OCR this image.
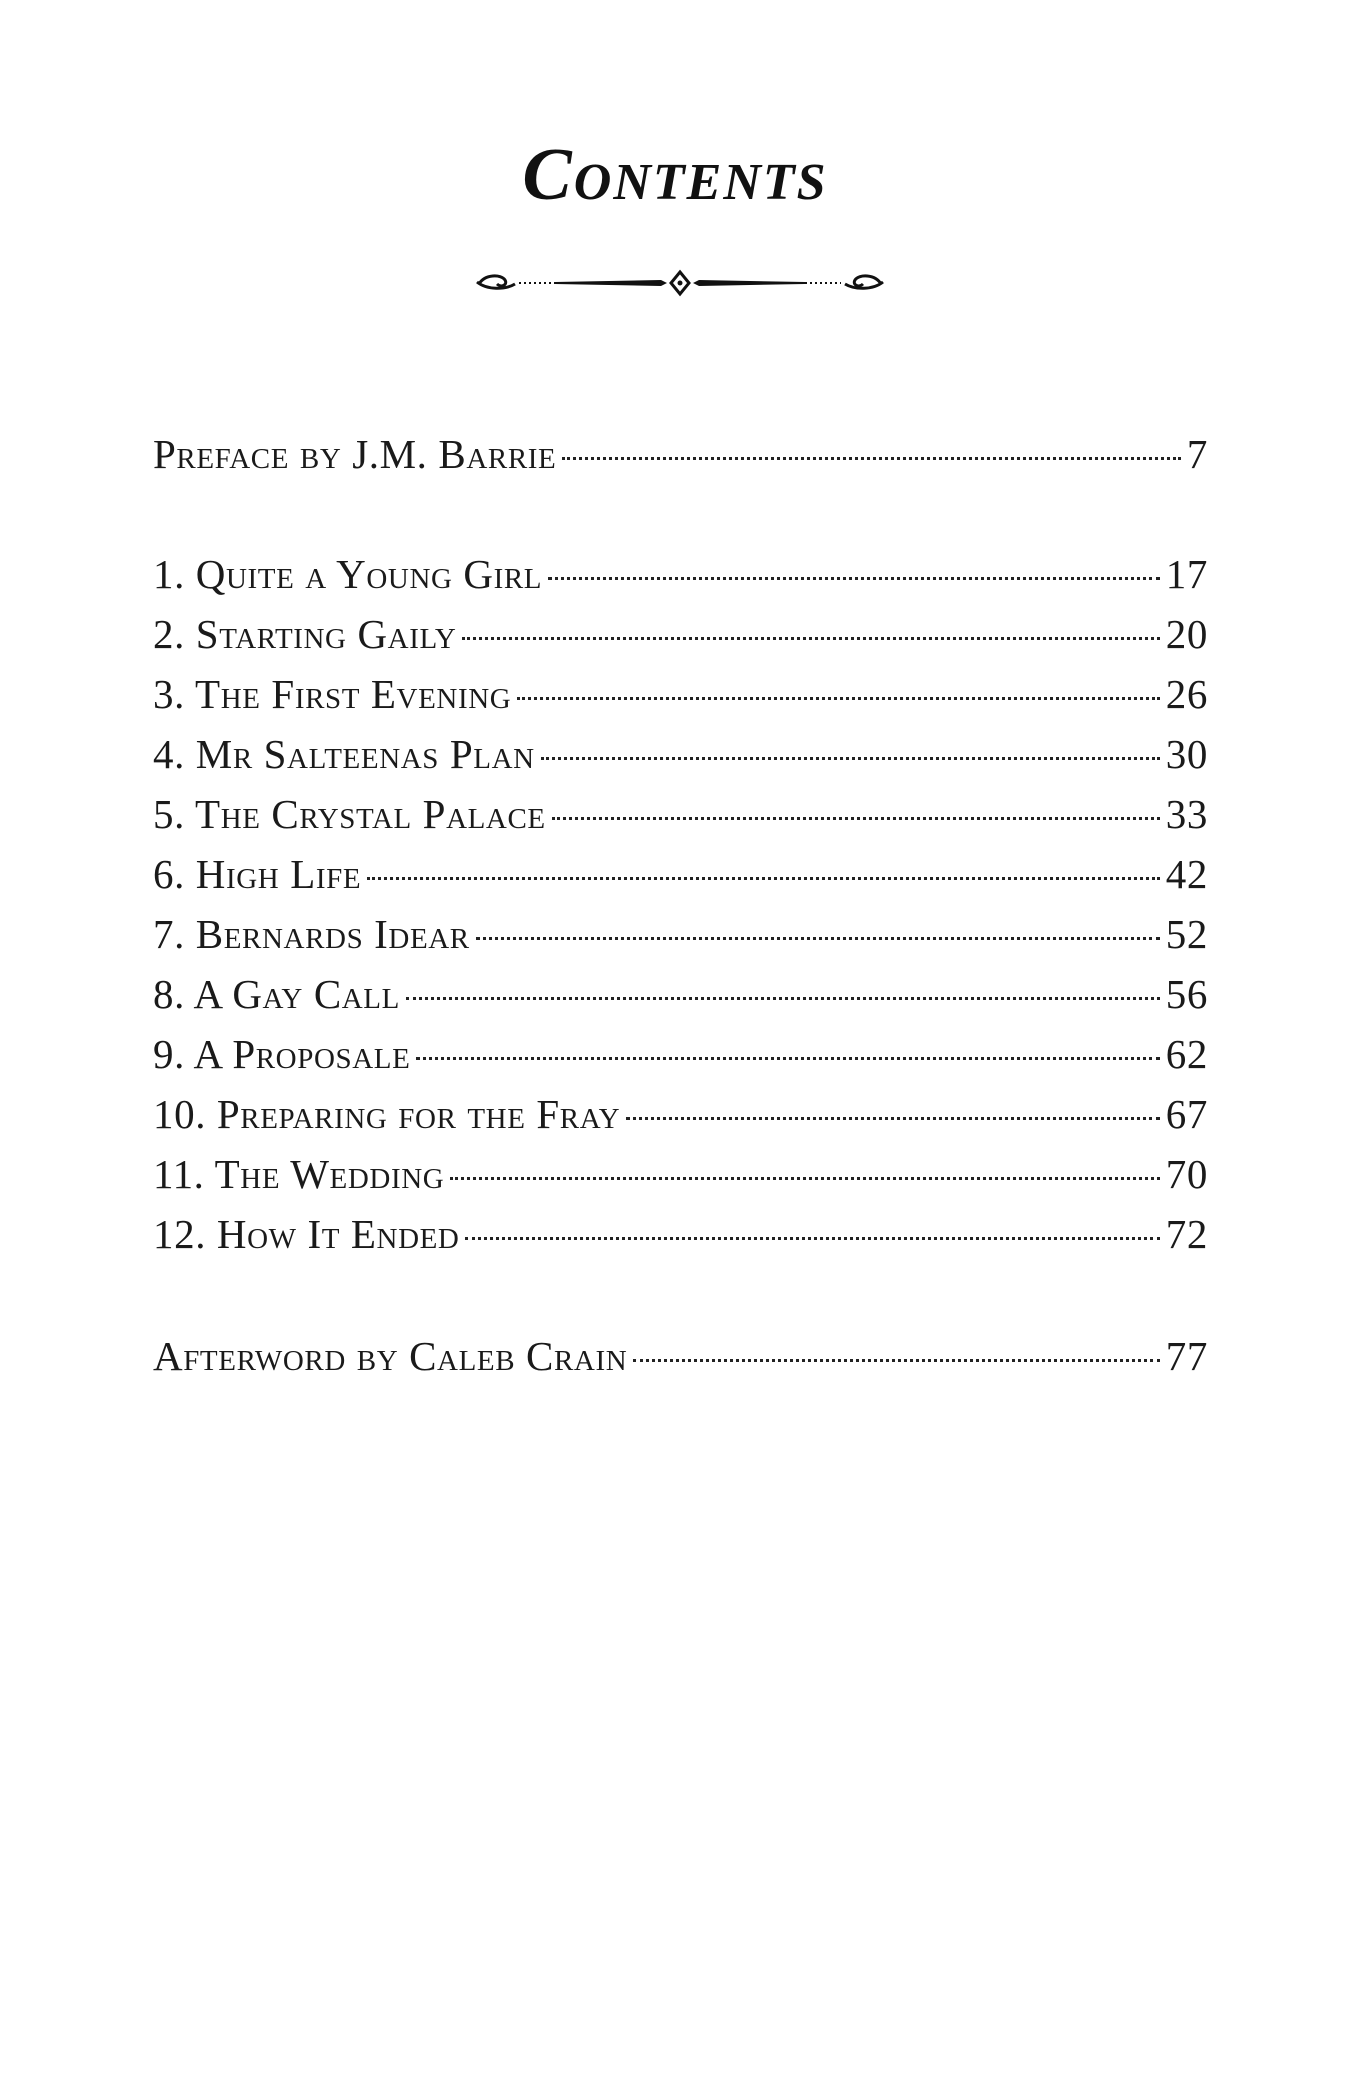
Contents
Preface by J.M. Barrie	7
1. Quite a Young Girl	17
2. Starting Gaily	20
3. The First Evening	26
4. Mr Salteenas Plan	30
5. The Crystal Palace	33
6. High Life	42
7. Bernards Idear	52
8. A Gay Call	56
9. A Proposale	62
10. Preparing for the Fray	67
11. The Wedding	70
12. How It Ended	72
Afterword by Caleb Crain	77
